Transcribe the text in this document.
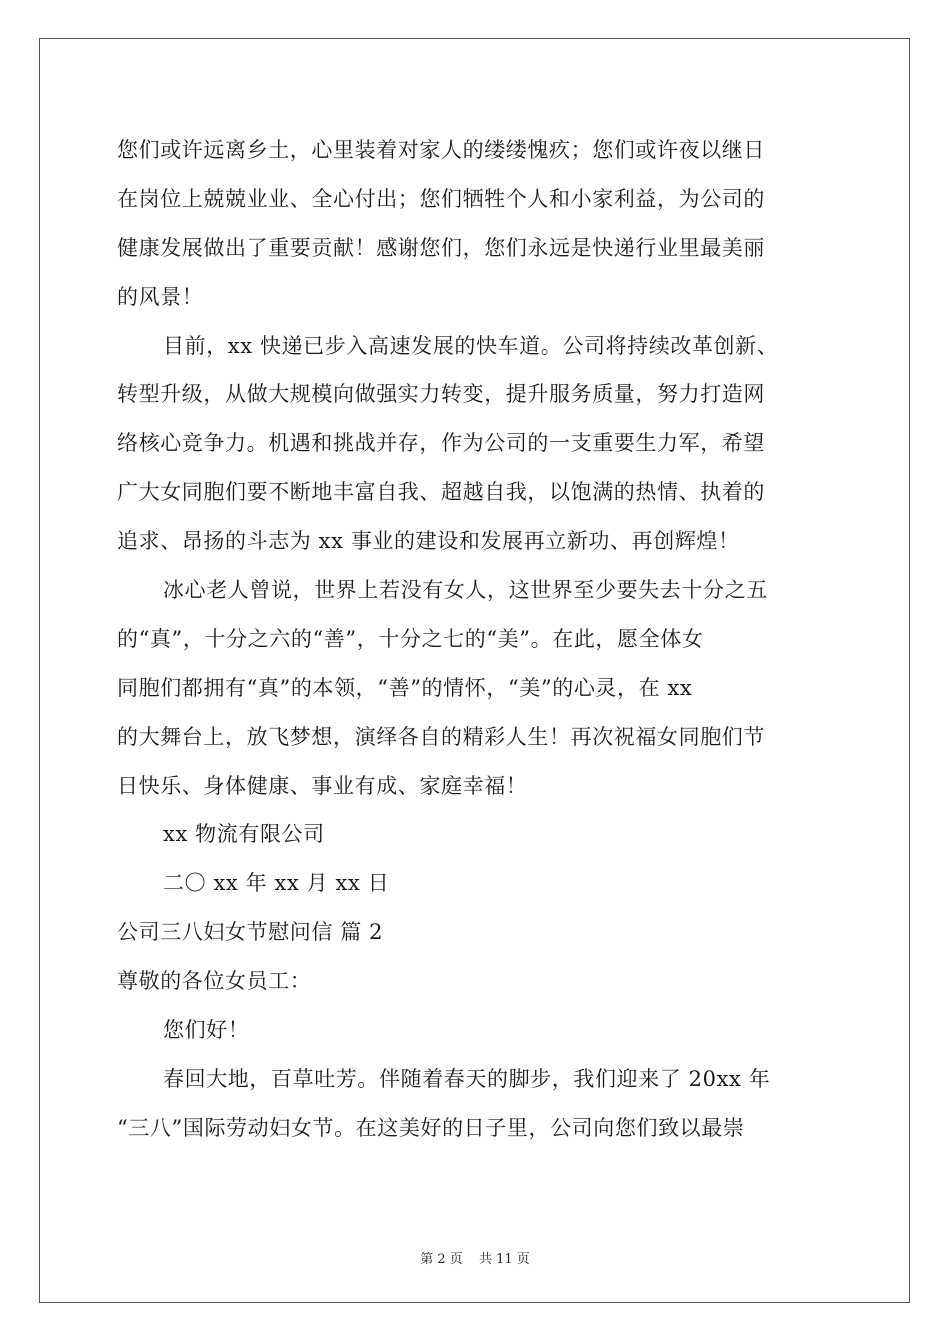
您们或许远离乡土，心里装着对家人的缕缕愧疚；您们或许夜以继日
在岗位上兢兢业业、全心付出；您们牺牲个人和小家利益，为公司的
健康发展做出了重要贡献！感谢您们，您们永远是快递行业里最美丽
的风景！
目前，xx 快递已步入高速发展的快车道。公司将持续改革创新、
转型升级，从做大规模向做强实力转变，提升服务质量，努力打造网
络核心竞争力。机遇和挑战并存，作为公司的一支重要生力军，希望
广大女同胞们要不断地丰富自我、超越自我，以饱满的热情、执着的
追求、昂扬的斗志为 xx 事业的建设和发展再立新功、再创辉煌！
冰心老人曾说，世界上若没有女人，这世界至少要失去十分之五
的“真”，十分之六的“善”，十分之七的“美”。在此，愿全体女
同胞们都拥有“真”的本领，“善”的情怀，“美”的心灵，在 xx
的大舞台上，放飞梦想，演绎各自的精彩人生！再次祝福女同胞们节
日快乐、身体健康、事业有成、家庭幸福！
xx 物流有限公司
二〇 xx 年 xx 月 xx 日
公司三八妇女节慰问信 篇 2
尊敬的各位女员工：
您们好！
春回大地，百草吐芳。伴随着春天的脚步，我们迎来了 20xx 年
“三八”国际劳动妇女节。在这美好的日子里，公司向您们致以最崇
第 2 页 共 11 页
